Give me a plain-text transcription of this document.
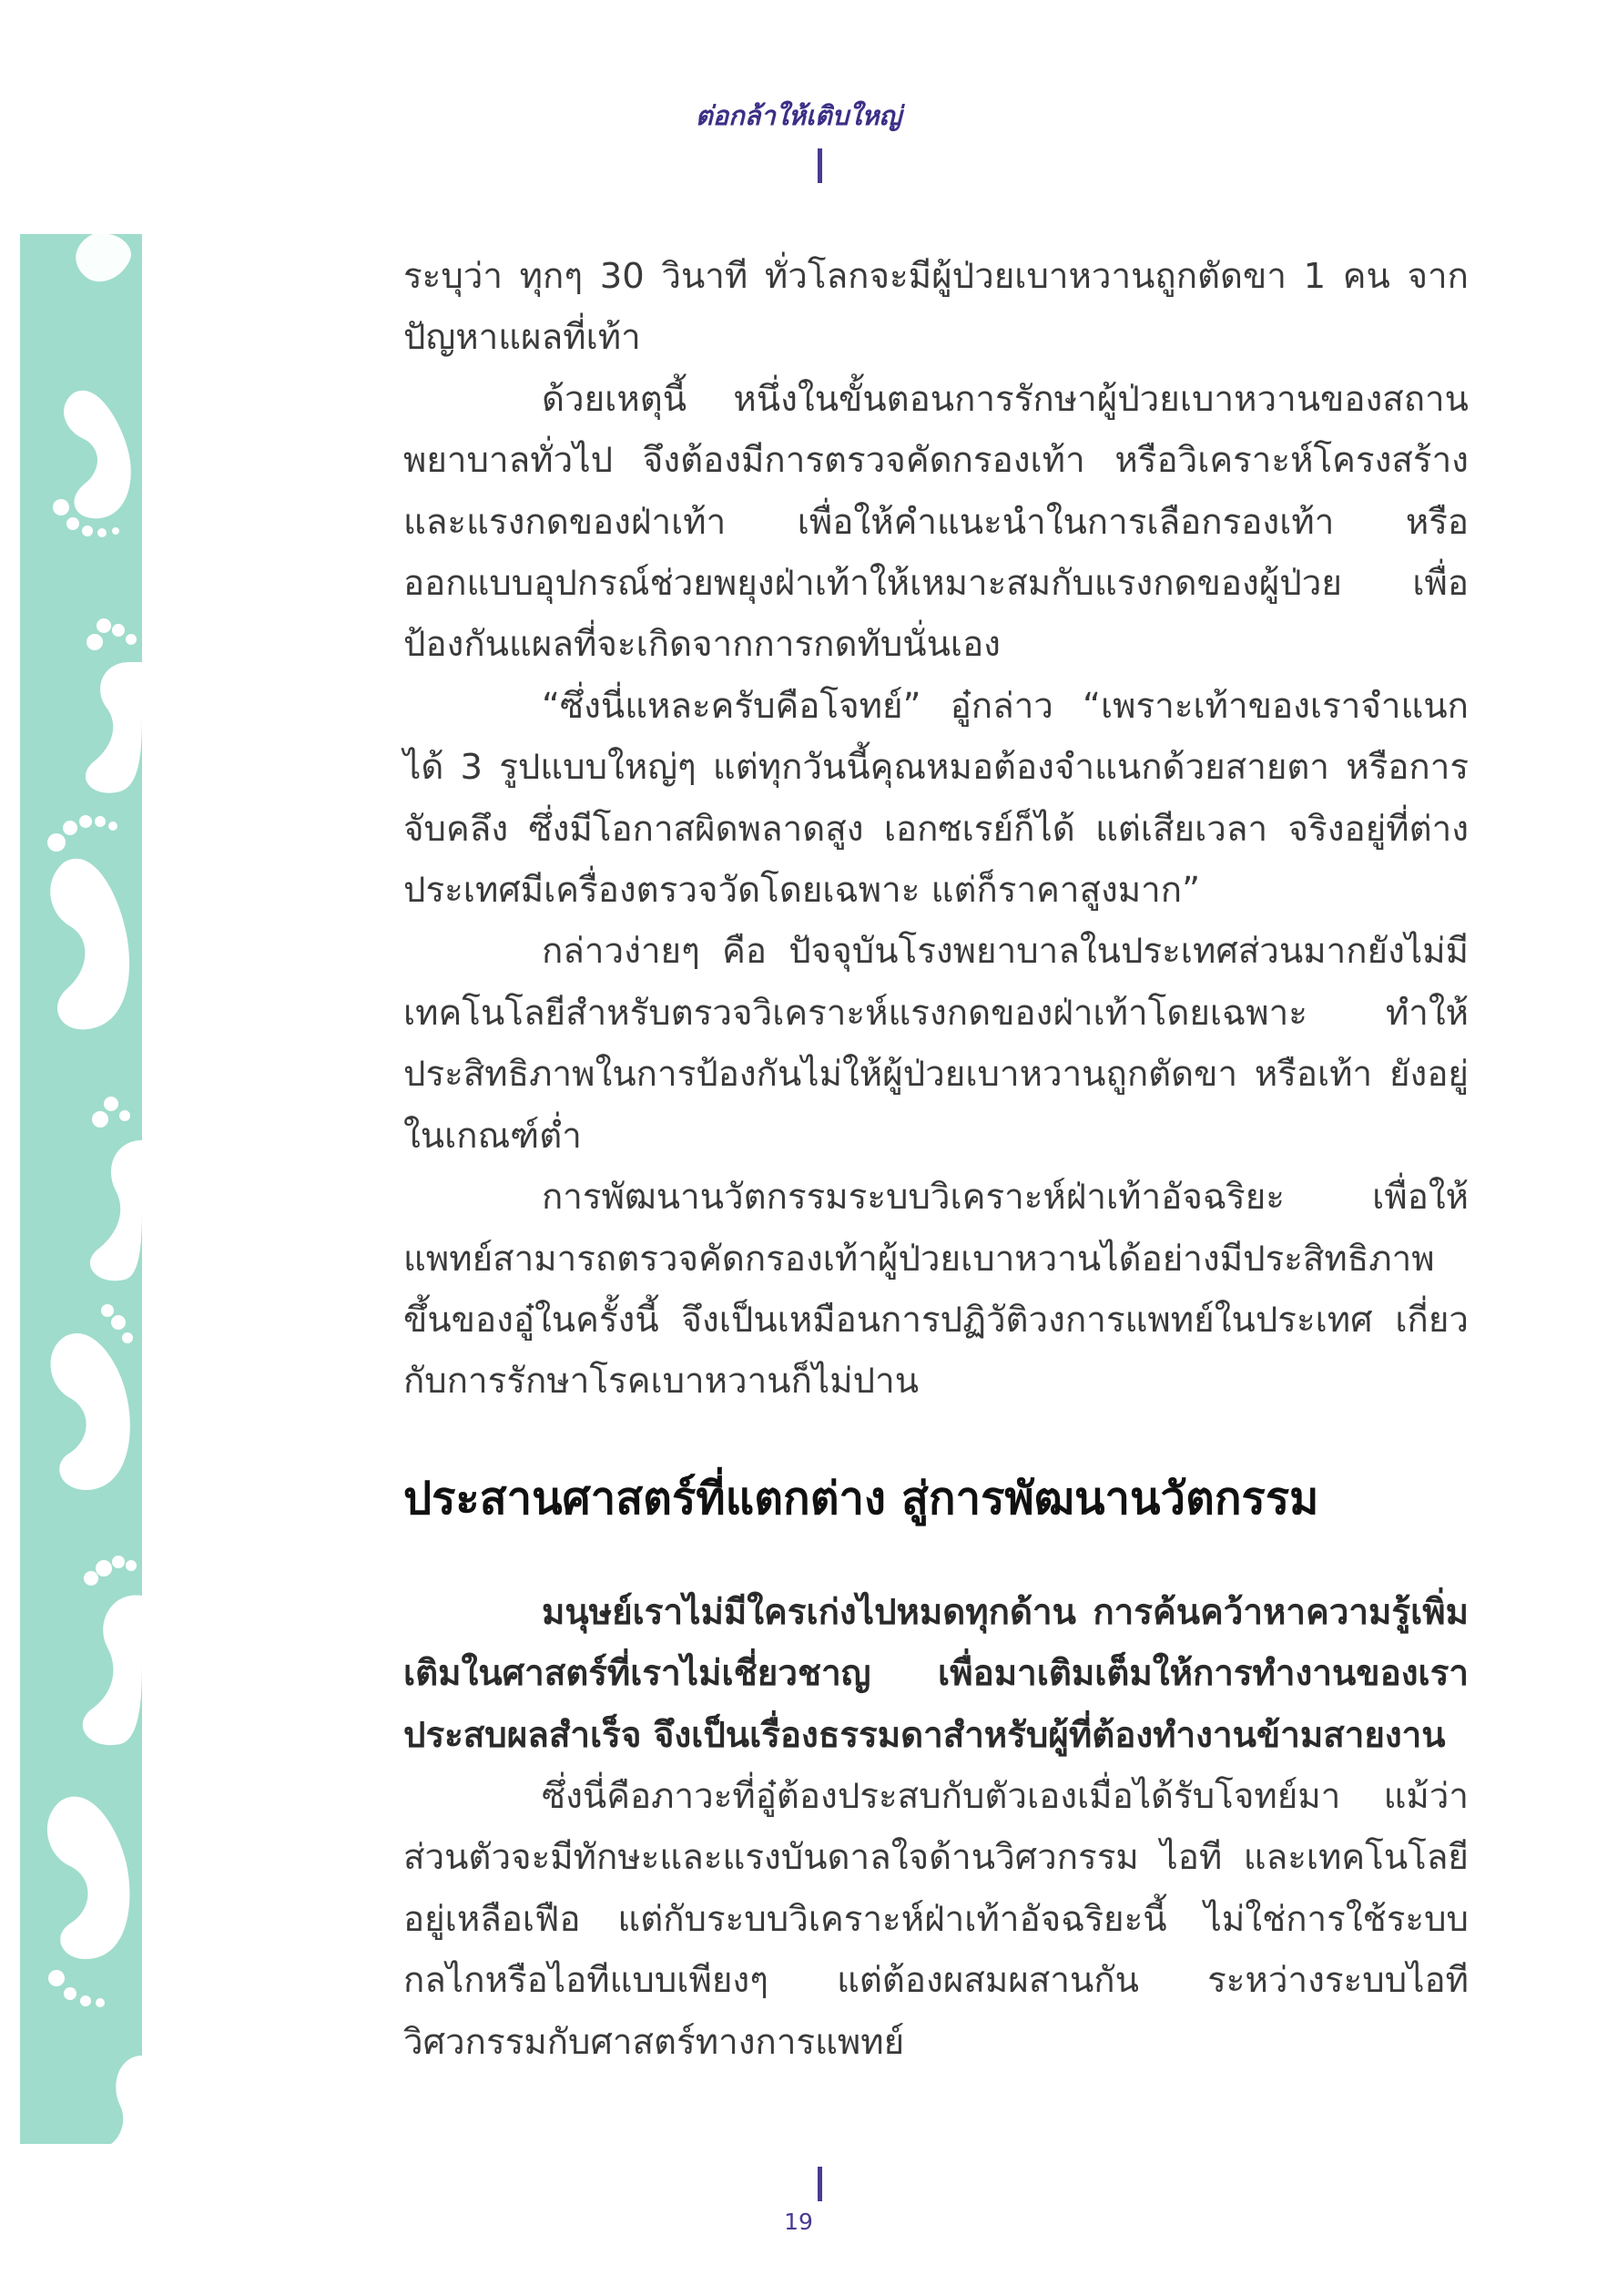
ต่อกล้าให้เติบใหญ่

ระบุว่า ทุกๆ 30 วินาที ทั่วโลกจะมีผู้ป่วยเบาหวานถูกตัดขา 1 คน จากปัญหาแผลที่เท้า

ด้วยเหตุนี้ หนึ่งในขั้นตอนการรักษาผู้ป่วยเบาหวานของสถานพยาบาลทั่วไป จึงต้องมีการตรวจคัดกรองเท้า หรือวิเคราะห์โครงสร้างและแรงกดของฝ่าเท้า เพื่อให้คำแนะนำในการเลือกรองเท้า หรือออกแบบอุปกรณ์ช่วยพยุงฝ่าเท้าให้เหมาะสมกับแรงกดของผู้ป่วย เพื่อป้องกันแผลที่จะเกิดจากการกดทับนั่นเอง

“ซึ่งนี่แหละครับคือโจทย์” อู๋กล่าว “เพราะเท้าของเราจำแนกได้ 3 รูปแบบใหญ่ๆ แต่ทุกวันนี้คุณหมอต้องจำแนกด้วยสายตา หรือการจับคลึง ซึ่งมีโอกาสผิดพลาดสูง เอกซเรย์ก็ได้ แต่เสียเวลา จริงอยู่ที่ต่างประเทศมีเครื่องตรวจวัดโดยเฉพาะ แต่ก็ราคาสูงมาก”

กล่าวง่ายๆ คือ ปัจจุบันโรงพยาบาลในประเทศส่วนมากยังไม่มีเทคโนโลยีสำหรับตรวจวิเคราะห์แรงกดของฝ่าเท้าโดยเฉพาะ ทำให้ประสิทธิภาพในการป้องกันไม่ให้ผู้ป่วยเบาหวานถูกตัดขา หรือเท้า ยังอยู่ในเกณฑ์ต่ำ

การพัฒนานวัตกรรมระบบวิเคราะห์ฝ่าเท้าอัจฉริยะ เพื่อให้แพทย์สามารถตรวจคัดกรองเท้าผู้ป่วยเบาหวานได้อย่างมีประสิทธิภาพขึ้นของอู๋ในครั้งนี้ จึงเป็นเหมือนการปฏิวัติวงการแพทย์ในประเทศ เกี่ยวกับการรักษาโรคเบาหวานก็ไม่ปาน

ประสานศาสตร์ที่แตกต่าง สู่การพัฒนานวัตกรรม

มนุษย์เราไม่มีใครเก่งไปหมดทุกด้าน การค้นคว้าหาความรู้เพิ่มเติมในศาสตร์ที่เราไม่เชี่ยวชาญ เพื่อมาเติมเต็มให้การทำงานของเราประสบผลสำเร็จ จึงเป็นเรื่องธรรมดาสำหรับผู้ที่ต้องทำงานข้ามสายงาน

ซึ่งนี่คือภาวะที่อู๋ต้องประสบกับตัวเองเมื่อได้รับโจทย์มา แม้ว่าส่วนตัวจะมีทักษะและแรงบันดาลใจด้านวิศวกรรม ไอที และเทคโนโลยีอยู่เหลือเฟือ แต่กับระบบวิเคราะห์ฝ่าเท้าอัจฉริยะนี้ ไม่ใช่การใช้ระบบกลไกหรือไอทีแบบเพียงๆ แต่ต้องผสมผสานกัน ระหว่างระบบไอทีวิศวกรรมกับศาสตร์ทางการแพทย์

19
